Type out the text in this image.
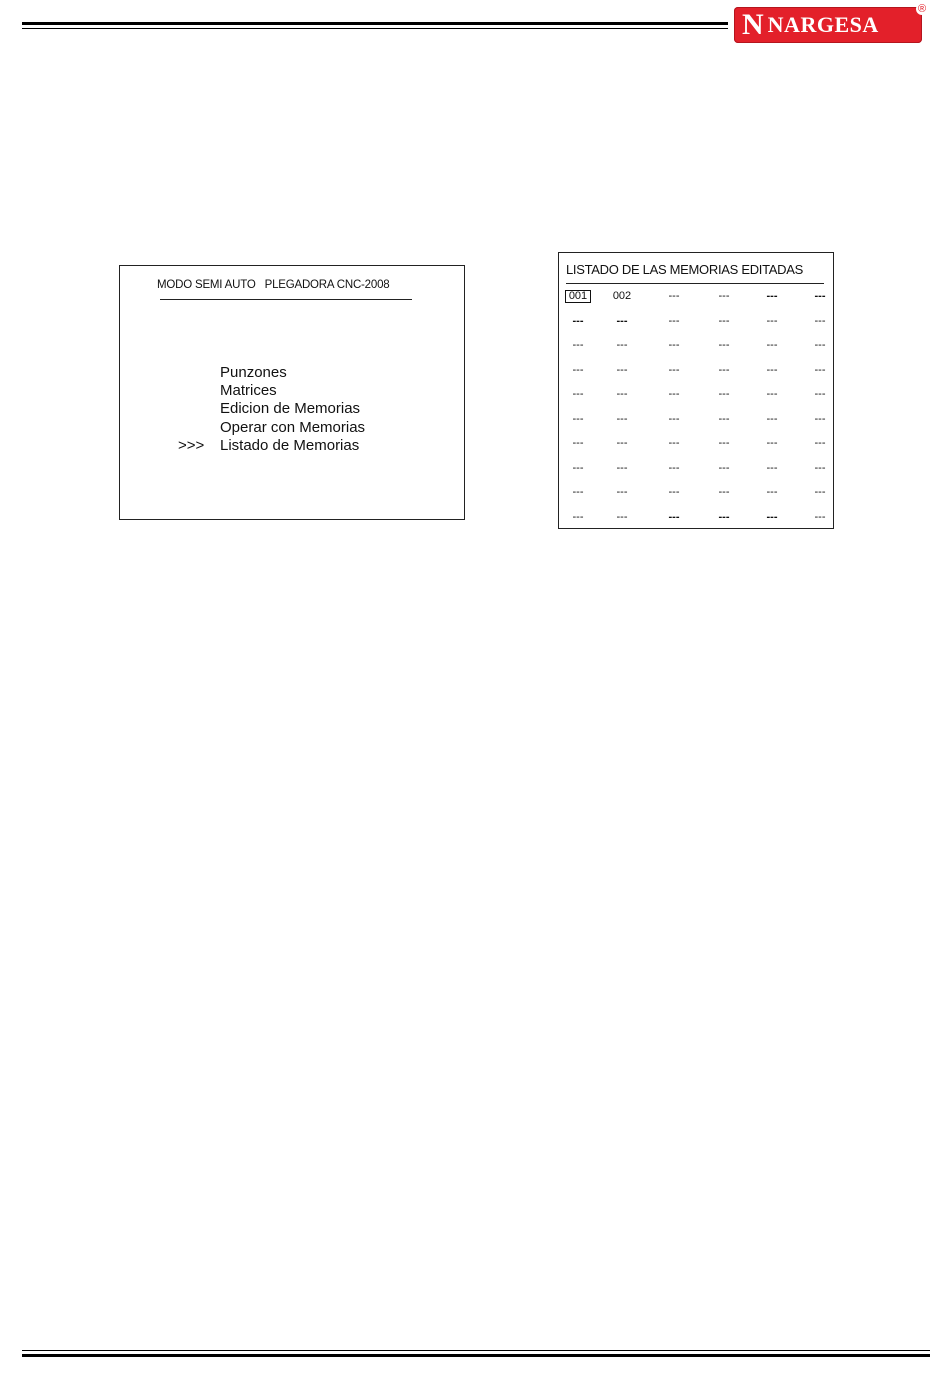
N NARGESA
®
MODO SEMI AUTO PLEGADORA CNC-2008
Punzones
Matrices
Edicion de Memorias
Operar con Memorias
Listado de Memorias
>>>
LISTADO DE LAS MEMORIAS EDITADAS
001	002	---	---	---	---
---	---	---	---	---	---
---	---	---	---	---	---
---	---	---	---	---	---
---	---	---	---	---	---
---	---	---	---	---	---
---	---	---	---	---	---
---	---	---	---	---	---
---	---	---	---	---	---
---	---	---	---	---	---
